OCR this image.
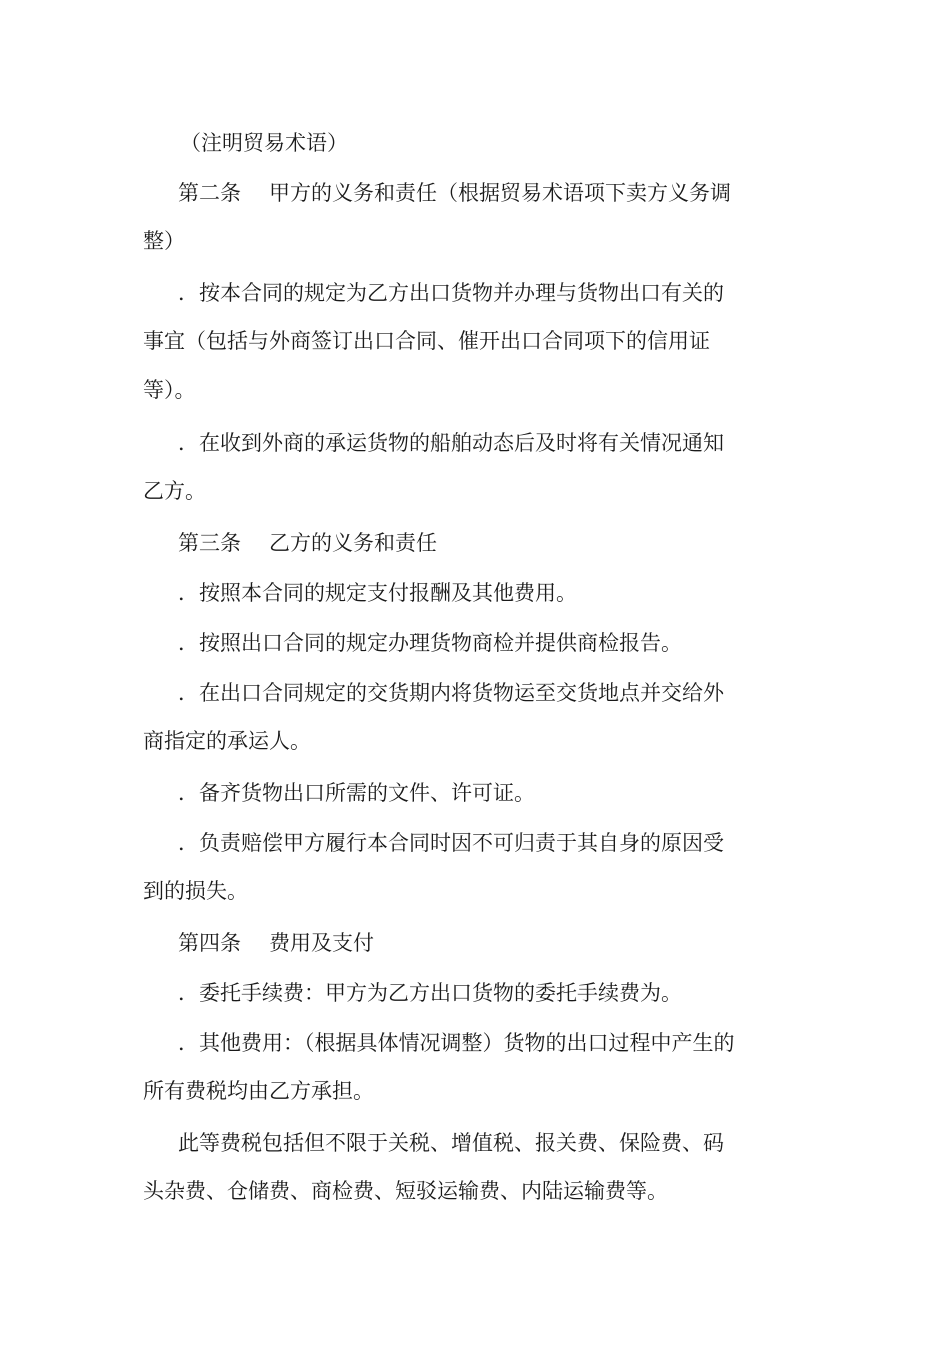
（注明贸易术语）
第二条 甲方的义务和责任（根据贸易术语项下卖方义务调
整）
．按本合同的规定为乙方出口货物并办理与货物出口有关的
事宜（包括与外商签订出口合同、催开出口合同项下的信用证
等）。
．在收到外商的承运货物的船舶动态后及时将有关情况通知
乙方。
第三条 乙方的义务和责任
．按照本合同的规定支付报酬及其他费用。
．按照出口合同的规定办理货物商检并提供商检报告。
．在出口合同规定的交货期内将货物运至交货地点并交给外
商指定的承运人。
．备齐货物出口所需的文件、许可证。
．负责赔偿甲方履行本合同时因不可归责于其自身的原因受
到的损失。
第四条 费用及支付
．委托手续费：甲方为乙方出口货物的委托手续费为。
．其他费用：（根据具体情况调整）货物的出口过程中产生的
所有费税均由乙方承担。
此等费税包括但不限于关税、增值税、报关费、保险费、码
头杂费、仓储费、商检费、短驳运输费、内陆运输费等。
